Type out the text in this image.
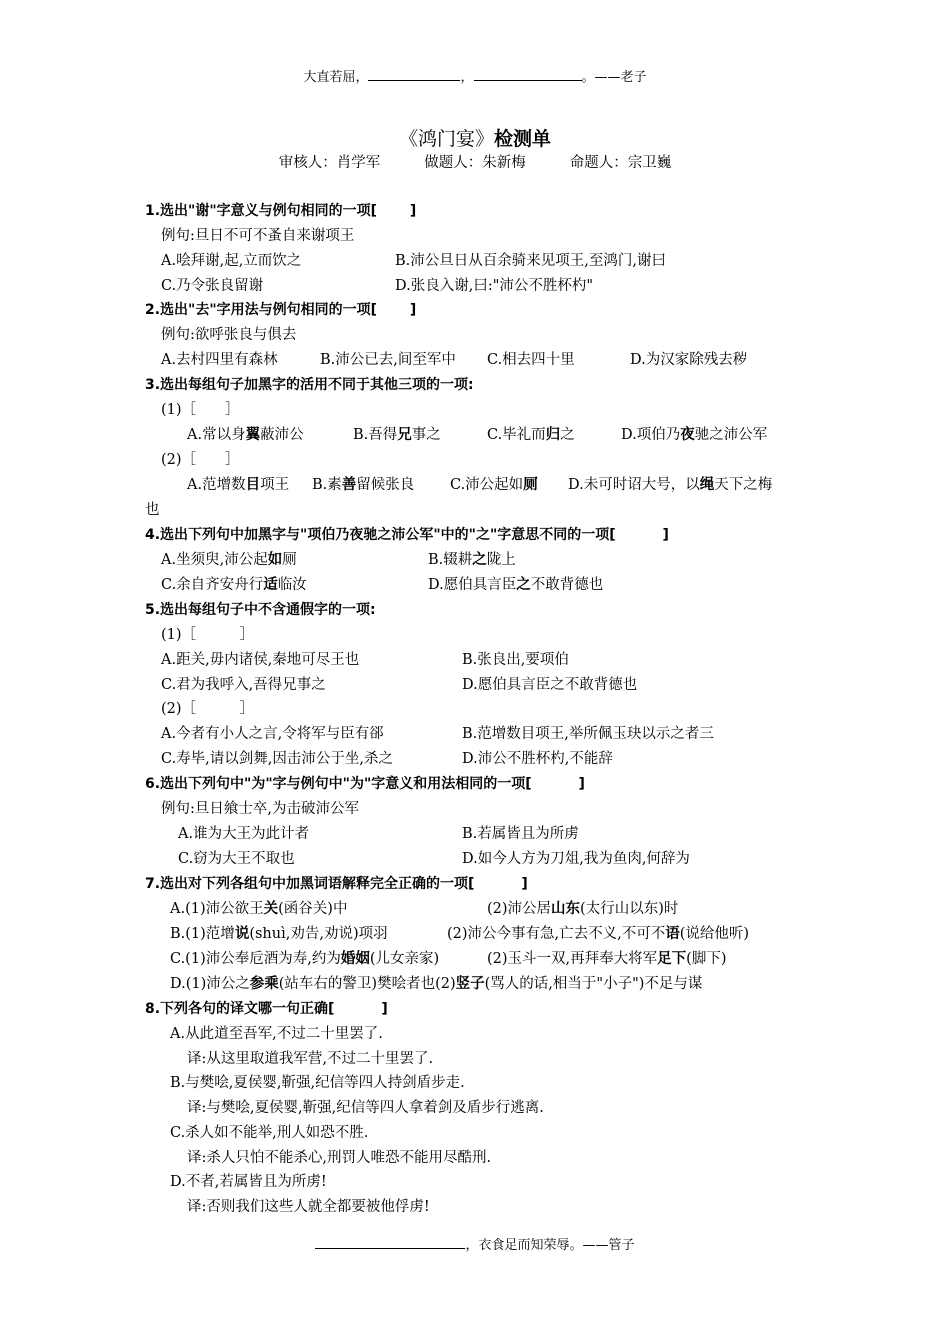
大直若屈，	，	。——老子
《鸿门宴》检测单
审核人：肖学军	做题人：朱新梅	命题人：宗卫巍
1.选出"谢"字意义与例句相同的一项[　　 ]
例句:旦日不可不蚤自来谢项王
A.哙拜谢,起,立而饮之	B.沛公旦日从百余骑来见项王,至鸿门,谢曰
C.乃令张良留谢	D.张良入谢,曰:"沛公不胜杯杓"
2.选出"去"字用法与例句相同的一项[　　 ]
例句:欲呼张良与俱去
A.去村四里有森林	B.沛公已去,间至军中 C.相去四十里	D.为汉家除残去秽
3.选出每组句子加黑字的活用不同于其他三项的一项:
(1)［　　］
A.常以身翼蔽沛公	B.吾得兄事之	C.毕礼而归之	D.项伯乃夜驰之沛公军
(2)［　　］
A.范增数目项王 B.素善留候张良 C.沛公起如厕 D.未可时诏大号，以绳天下之梅
也
4.选出下列句中加黑字与"项伯乃夜驰之沛公军"中的"之"字意思不同的一项[　　　 ]
A.坐须臾,沛公起如厕	B.辍耕之陇上
C.余自齐安舟行适临汝	D.愿伯具言臣之不敢背德也
5.选出每组句子中不含通假字的一项:
(1)［　　　］
A.距关,毋内诸侯,秦地可尽王也	B.张良出,要项伯
C.君为我呼入,吾得兄事之	D.愿伯具言臣之不敢背德也
(2)［　　　］
A.今者有小人之言,令将军与臣有郤	B.范增数目项王,举所佩玉玦以示之者三
C.寿毕,请以剑舞,因击沛公于坐,杀之	D.沛公不胜杯杓,不能辞
6.选出下列句中"为"字与例句中"为"字意义和用法相同的一项[　　　 ]
例句:旦日飨士卒,为击破沛公军
A.谁为大王为此计者	B.若属皆且为所虏
C.窃为大王不取也	D.如今人方为刀俎,我为鱼肉,何辞为
7.选出对下列各组句中加黑词语解释完全正确的一项[　　　 ]
A.(1)沛公欲王关(函谷关)中	(2)沛公居山东(太行山以东)时
B.(1)范增说(shuì,劝告,劝说)项羽	(2)沛公今事有急,亡去不义,不可不语(说给他听)
C.(1)沛公奉卮酒为寿,约为婚姻(儿女亲家)	(2)玉斗一双,再拜奉大将军足下(脚下)
D.(1)沛公之参乘(站车右的警卫)樊哙者也(2)竖子(骂人的话,相当于"小子")不足与谋
8.下列各句的译文哪一句正确[　　　 ]
A.从此道至吾军,不过二十里罢了.
译:从这里取道我军营,不过二十里罢了.
B.与樊哙,夏侯婴,靳强,纪信等四人持剑盾步走.
译:与樊哙,夏侯婴,靳强,纪信等四人拿着剑及盾步行逃离.
C.杀人如不能举,刑人如恐不胜.
译:杀人只怕不能杀心,刑罚人唯恐不能用尽酷刑.
D.不者,若属皆且为所虏!
译:否则我们这些人就全都要被他俘虏!
，衣食足而知荣辱。——管子
